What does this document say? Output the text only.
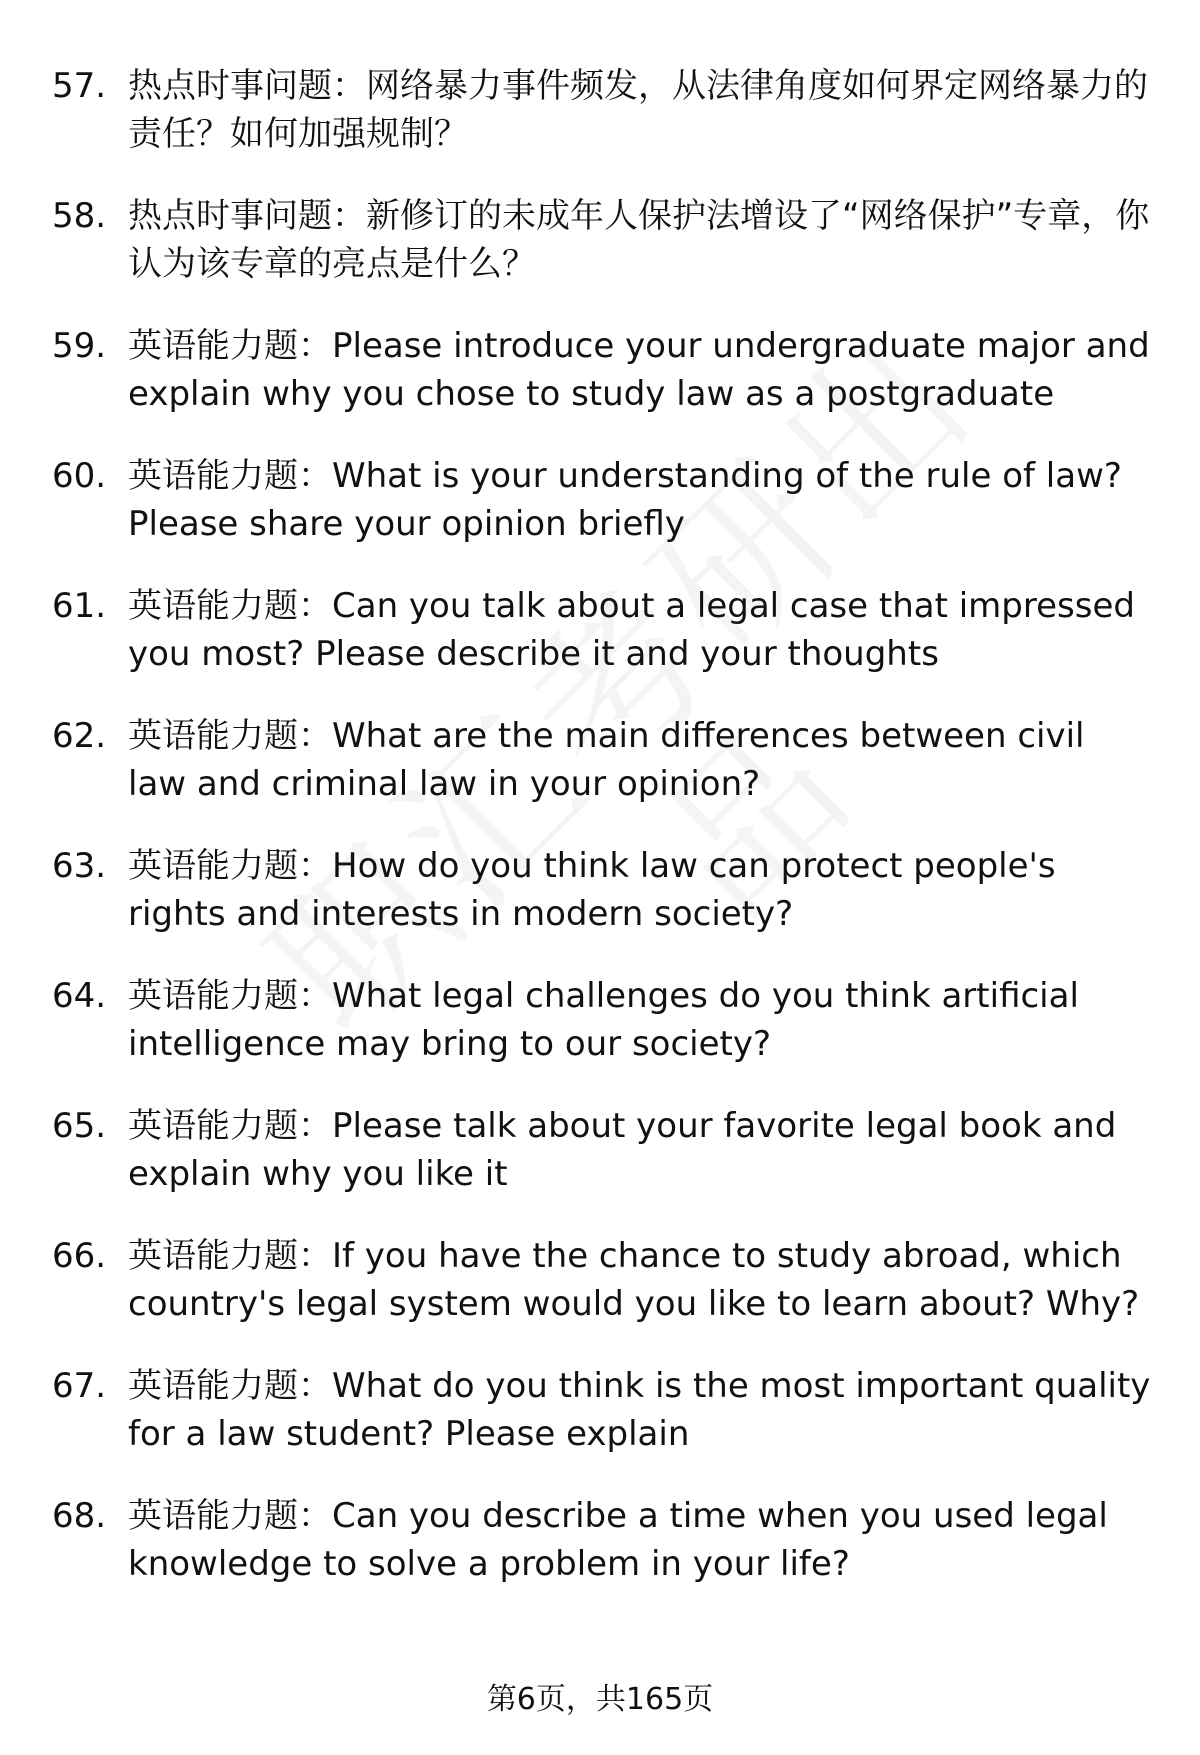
57. 热点时事问题：网络暴力事件频发，从法律角度如何界定网络暴力的责任？如何加强规制？
58. 热点时事问题：新修订的未成年人保护法增设了“网络保护”专章，你认为该专章的亮点是什么？
59. 英语能力题：Please introduce your undergraduate major and explain why you chose to study law as a postgraduate
60. 英语能力题：What is your understanding of the rule of law? Please share your opinion briefly
61. 英语能力题：Can you talk about a legal case that impressed you most? Please describe it and your thoughts
62. 英语能力题：What are the main differences between civil law and criminal law in your opinion?
63. 英语能力题：How do you think law can protect people's rights and interests in modern society?
64. 英语能力题：What legal challenges do you think artificial intelligence may bring to our society?
65. 英语能力题：Please talk about your favorite legal book and explain why you like it
66. 英语能力题：If you have the chance to study abroad, which country's legal system would you like to learn about? Why?
67. 英语能力题：What do you think is the most important quality for a law student? Please explain
68. 英语能力题：Can you describe a time when you used legal knowledge to solve a problem in your life?
第6页，共165页
